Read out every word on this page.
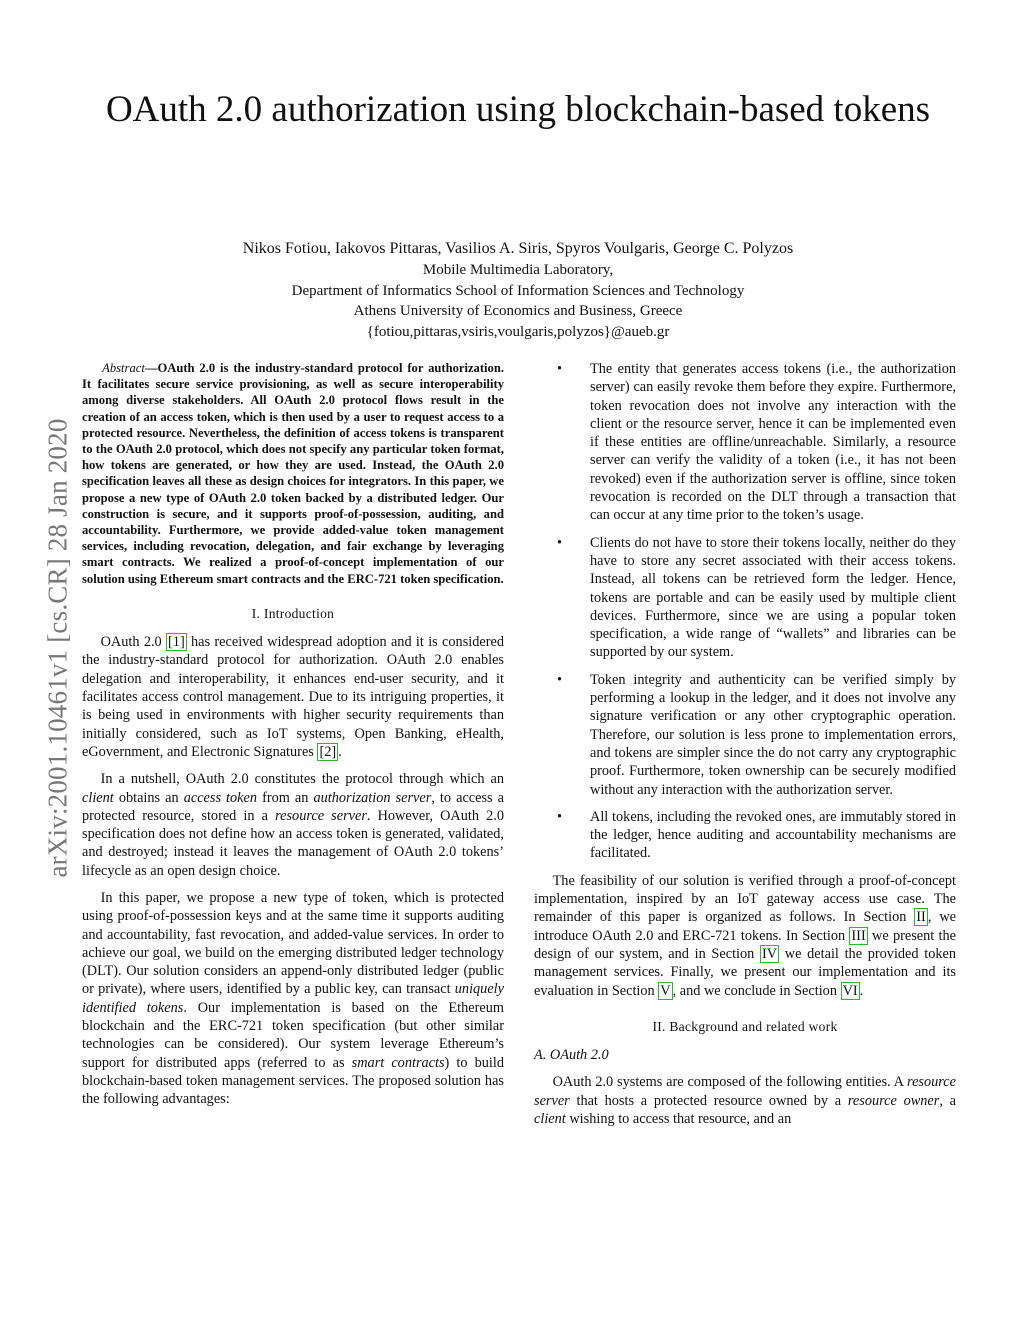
OAuth 2.0 authorization using blockchain-based tokens
Nikos Fotiou, Iakovos Pittaras, Vasilios A. Siris, Spyros Voulgaris, George C. Polyzos
Mobile Multimedia Laboratory,
Department of Informatics School of Information Sciences and Technology
Athens University of Economics and Business, Greece
{fotiou,pittaras,vsiris,voulgaris,polyzos}@aueb.gr
arXiv:2001.10461v1 [cs.CR] 28 Jan 2020

Abstract—OAuth 2.0 is the industry-standard protocol for authorization. It facilitates secure service provisioning, as well as secure interoperability among diverse stakeholders. All OAuth 2.0 protocol flows result in the creation of an access token, which is then used by a user to request access to a protected resource. Nevertheless, the definition of access tokens is transparent to the OAuth 2.0 protocol, which does not specify any particular token format, how tokens are generated, or how they are used. Instead, the OAuth 2.0 specification leaves all these as design choices for integrators. In this paper, we propose a new type of OAuth 2.0 token backed by a distributed ledger. Our construction is secure, and it supports proof-of-possession, auditing, and accountability. Furthermore, we provide added-value token management services, including revocation, delegation, and fair exchange by leveraging smart contracts. We realized a proof-of-concept implementation of our solution using Ethereum smart contracts and the ERC-721 token specification.

I. Introduction

OAuth 2.0 [1] has received widespread adoption and it is considered the industry-standard protocol for authorization. OAuth 2.0 enables delegation and interoperability, it enhances end-user security, and it facilitates access control management. Due to its intriguing properties, it is being used in environments with higher security requirements than initially considered, such as IoT systems, Open Banking, eHealth, eGovernment, and Electronic Signatures [2] .

In a nutshell, OAuth 2.0 constitutes the protocol through which an client obtains an access token from an authorization server, to access a protected resource, stored in a resource server. However, OAuth 2.0 specification does not define how an access token is generated, validated, and destroyed; instead it leaves the management of OAuth 2.0 tokens’ lifecycle as an open design choice.

In this paper, we propose a new type of token, which is protected using proof-of-possession keys and at the same time it supports auditing and accountability, fast revocation, and added-value services. In order to achieve our goal, we build on the emerging distributed ledger technology (DLT). Our solution considers an append-only distributed ledger (public or private), where users, identified by a public key, can transact uniquely identified tokens. Our implementation is based on the Ethereum blockchain and the ERC-721 token specification (but other similar technologies can be considered). Our system leverage Ethereum’s support for distributed apps (referred to as smart contracts) to build blockchain-based token management services. The proposed solution has the following advantages:

• The entity that generates access tokens (i.e., the authorization server) can easily revoke them before they expire. Furthermore, token revocation does not involve any interaction with the client or the resource server, hence it can be implemented even if these entities are offline/unreachable. Similarly, a resource server can verify the validity of a token (i.e., it has not been revoked) even if the authorization server is offline, since token revocation is recorded on the DLT through a transaction that can occur at any time prior to the token’s usage.
• Clients do not have to store their tokens locally, neither do they have to store any secret associated with their access tokens. Instead, all tokens can be retrieved form the ledger. Hence, tokens are portable and can be easily used by multiple client devices. Furthermore, since we are using a popular token specification, a wide range of “wallets” and libraries can be supported by our system.
• Token integrity and authenticity can be verified simply by performing a lookup in the ledger, and it does not involve any signature verification or any other cryptographic operation. Therefore, our solution is less prone to implementation errors, and tokens are simpler since the do not carry any cryptographic proof. Furthermore, token ownership can be securely modified without any interaction with the authorization server.
• All tokens, including the revoked ones, are immutably stored in the ledger, hence auditing and accountability mechanisms are facilitated.

The feasibility of our solution is verified through a proof-of-concept implementation, inspired by an IoT gateway access use case. The remainder of this paper is organized as follows. In Section II , we introduce OAuth 2.0 and ERC-721 tokens. In Section III we present the design of our system, and in Section IV we detail the provided token management services. Finally, we present our implementation and its evaluation in Section V , and we conclude in Section VI .

II. Background and related work
A. OAuth 2.0

OAuth 2.0 systems are composed of the following entities. A resource server that hosts a protected resource owned by a resource owner, a client wishing to access that resource, and an
